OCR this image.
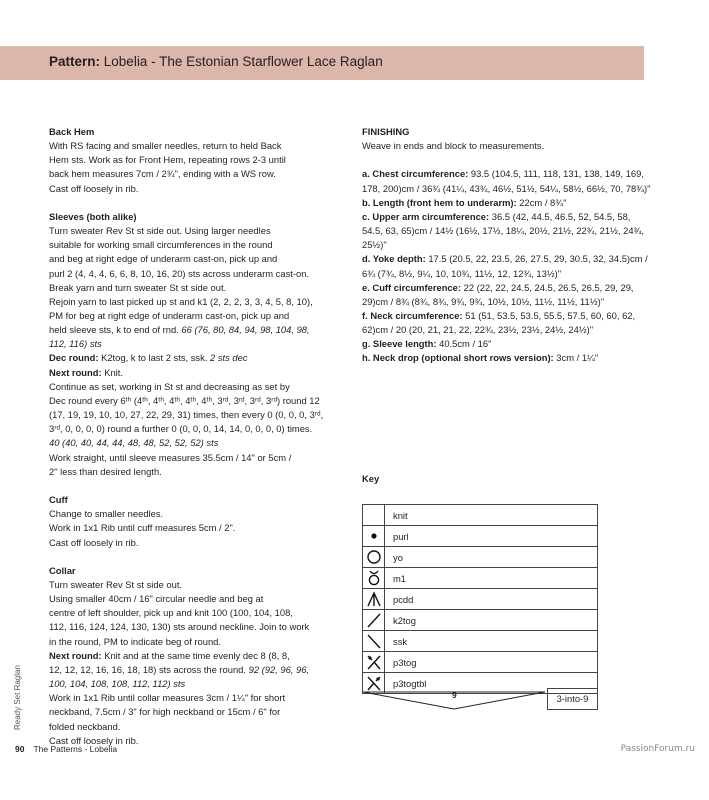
Pattern: Lobelia - The Estonian Starflower Lace Raglan
Back Hem

With RS facing and smaller needles, return to held Back

Hem sts. Work as for Front Hem, repeating rows 2-3 until

back hem measures 7cm / 2¾", ending with a WS row.

Cast off loosely in rib.

Sleeves (both alike)

Turn sweater Rev St st side out. Using larger needles

suitable for working small circumferences in the round

and beg at right edge of underarm cast-on, pick up and

purl 2 (4, 4, 4, 6, 6, 8, 10, 16, 20) sts across underarm cast-on.

Break yarn and turn sweater St st side out.

Rejoin yarn to last picked up st and k1 (2, 2, 2, 3, 3, 4, 5, 8, 10),

PM for beg at right edge of underarm cast-on, pick up and

held sleeve sts, k to end of rnd. 66 (76, 80, 84, 94, 98, 104, 98,

112, 116) sts

Dec round: K2tog, k to last 2 sts, ssk. 2 sts dec

Next round: Knit.

Continue as set, working in St st and decreasing as set by

Dec round every 6ᵗʰ (4ᵗʰ, 4ᵗʰ, 4ᵗʰ, 4ᵗʰ, 4ᵗʰ, 3ʳᵈ, 3ʳᵈ, 3ʳᵈ, 3ʳᵈ) round 12

(17, 19, 19, 10, 10, 27, 22, 29, 31) times, then every 0 (0, 0, 0, 3ʳᵈ,

3ʳᵈ, 0, 0, 0, 0) round a further 0 (0, 0, 0, 14, 14, 0, 0, 0, 0) times.

40 (40, 40, 44, 44, 48, 48, 52, 52, 52) sts

Work straight, until sleeve measures 35.5cm / 14" or 5cm /

2" less than desired length.

Cuff

Change to smaller needles.

Work in 1x1 Rib until cuff measures 5cm / 2".

Cast off loosely in rib.

Collar

Turn sweater Rev St st side out.

Using smaller 40cm / 16" circular needle and beg at

centre of left shoulder, pick up and knit 100 (100, 104, 108,

112, 116, 124, 124, 130, 130) sts around neckline. Join to work

in the round, PM to indicate beg of round.

Next round: Knit and at the same time evenly dec 8 (8, 8,

12, 12, 12, 16, 16, 18, 18) sts across the round. 92 (92, 96, 96,

100, 104, 108, 108, 112, 112) sts

Work in 1x1 Rib until collar measures 3cm / 1¼" for short

neckband, 7.5cm / 3" for high neckband or 15cm / 6" for

folded neckband.

Cast off loosely in rib.

FINISHING

Weave in ends and block to measurements.

a. Chest circumference: 93.5 (104.5, 111, 118, 131, 138, 149, 169,

178, 200)cm / 36¾ (41¼, 43¾, 46½, 51½, 54¼, 58½, 66½, 70, 78¾)"

b. Length (front hem to underarm): 22cm / 8¾"

c. Upper arm circumference: 36.5 (42, 44.5, 46.5, 52, 54.5, 58,

54.5, 63, 65)cm / 14½ (16½, 17½, 18¼, 20½, 21½, 22¾, 21½, 24¾, 25½)"

d. Yoke depth: 17.5 (20.5, 22, 23.5, 26, 27.5, 29, 30.5, 32, 34.5)cm /

6¾ (7¾, 8½, 9¼, 10, 10¾, 11½, 12, 12¾, 13½)"

e. Cuff circumference: 22 (22, 22, 24.5, 24.5, 26.5, 26.5, 29, 29,

29)cm / 8¾ (8¾, 8¾, 9¾, 9¾, 10½, 10½, 11½, 11½, 11½)"

f. Neck circumference: 51 (51, 53.5, 53.5, 55.5, 57.5, 60, 60, 62,

62)cm / 20 (20, 21, 21, 22, 22¾, 23½, 23½, 24½, 24½)"

g. Sleeve length: 40.5cm / 16"

h. Neck drop (optional short rows version): 3cm / 1¼"

Key
	knit

	purl

	yo

	m1

	pcdd

	k2tog

	ssk

	p3tog

	p3togtbl
9	3-into-9
Ready Set Raglan
90 The Patterns - Lobelia	PassionForum.ru
